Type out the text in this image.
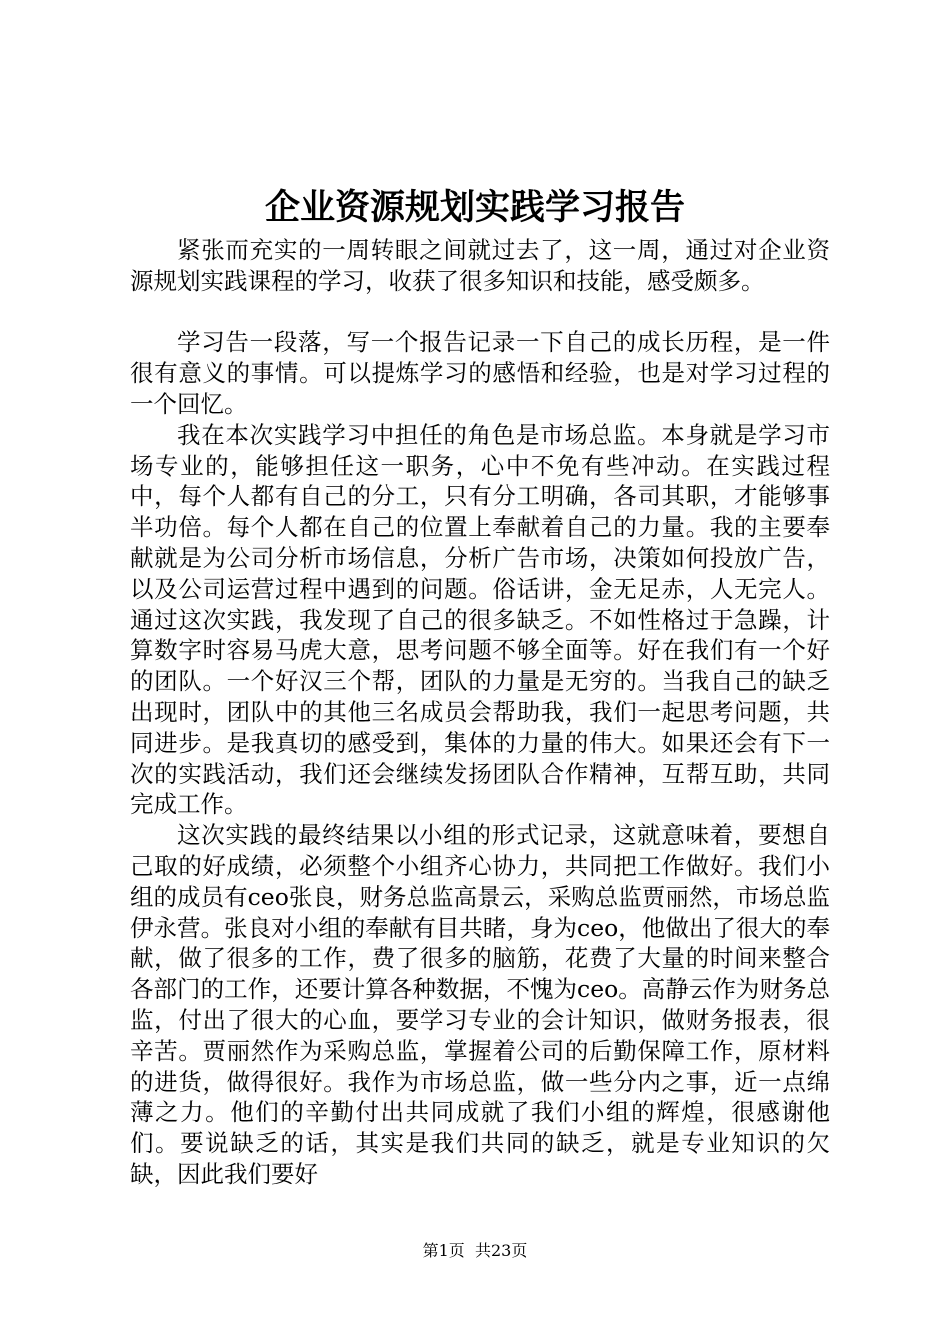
企业资源规划实践学习报告

紧张而充实的一周转眼之间就过去了，这一周，通过对企业资源规划实践课程的学习，收获了很多知识和技能，感受颇多。

学习告一段落，写一个报告记录一下自己的成长历程，是一件很有意义的事情。可以提炼学习的感悟和经验，也是对学习过程的一个回忆。

我在本次实践学习中担任的角色是市场总监。本身就是学习市场专业的，能够担任这一职务，心中不免有些冲动。在实践过程中，每个人都有自己的分工，只有分工明确，各司其职，才能够事半功倍。每个人都在自己的位置上奉献着自己的力量。我的主要奉献就是为公司分析市场信息，分析广告市场，决策如何投放广告，以及公司运营过程中遇到的问题。俗话讲，金无足赤，人无完人。通过这次实践，我发现了自己的很多缺乏。不如性格过于急躁，计算数字时容易马虎大意，思考问题不够全面等。好在我们有一个好的团队。一个好汉三个帮，团队的力量是无穷的。当我自己的缺乏出现时，团队中的其他三名成员会帮助我，我们一起思考问题，共同进步。是我真切的感受到，集体的力量的伟大。如果还会有下一次的实践活动，我们还会继续发扬团队合作精神，互帮互助，共同完成工作。

这次实践的最终结果以小组的形式记录，这就意味着，要想自己取的好成绩，必须整个小组齐心协力，共同把工作做好。我们小组的成员有ceo张良，财务总监高景云，采购总监贾丽然，市场总监伊永营。张良对小组的奉献有目共睹，身为ceo，他做出了很大的奉献，做了很多的工作，费了很多的脑筋，花费了大量的时间来整合各部门的工作，还要计算各种数据，不愧为ceo。高静云作为财务总监，付出了很大的心血，要学习专业的会计知识，做财务报表，很辛苦。贾丽然作为采购总监，掌握着公司的后勤保障工作，原材料的进货，做得很好。我作为市场总监，做一些分内之事，近一点绵薄之力。他们的辛勤付出共同成就了我们小组的辉煌，很感谢他们。要说缺乏的话，其实是我们共同的缺乏，就是专业知识的欠缺，因此我们要好

第1页 共23页
